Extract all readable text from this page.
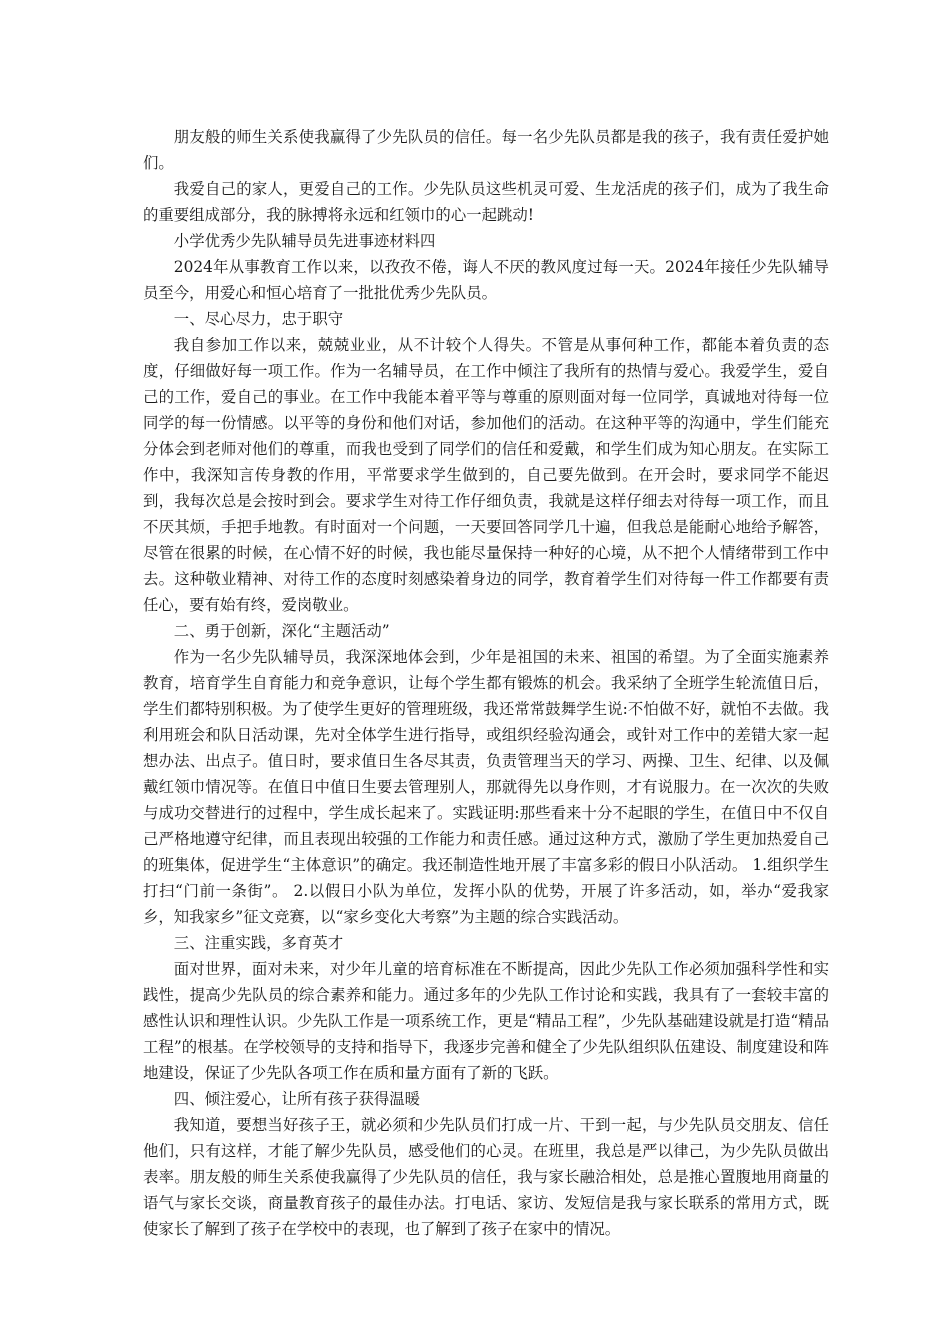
朋友般的师生关系使我赢得了少先队员的信任。每一名少先队员都是我的孩子，我有责任爱护她们。

我爱自己的家人，更爱自己的工作。少先队员这些机灵可爱、生龙活虎的孩子们，成为了我生命的重要组成部分，我的脉搏将永远和红领巾的心一起跳动!

小学优秀少先队辅导员先进事迹材料四

2024年从事教育工作以来，以孜孜不倦，诲人不厌的教风度过每一天。2024年接任少先队辅导员至今，用爱心和恒心培育了一批批优秀少先队员。

一、尽心尽力，忠于职守

我自参加工作以来，兢兢业业，从不计较个人得失。不管是从事何种工作，都能本着负责的态度，仔细做好每一项工作。作为一名辅导员，在工作中倾注了我所有的热情与爱心。我爱学生，爱自己的工作，爱自己的事业。在工作中我能本着平等与尊重的原则面对每一位同学，真诚地对待每一位同学的每一份情感。以平等的身份和他们对话，参加他们的活动。在这种平等的沟通中，学生们能充分体会到老师对他们的尊重，而我也受到了同学们的信任和爱戴，和学生们成为知心朋友。在实际工作中，我深知言传身教的作用，平常要求学生做到的，自己要先做到。在开会时，要求同学不能迟到，我每次总是会按时到会。要求学生对待工作仔细负责，我就是这样仔细去对待每一项工作，而且不厌其烦，手把手地教。有时面对一个问题，一天要回答同学几十遍，但我总是能耐心地给予解答，尽管在很累的时候，在心情不好的时候，我也能尽量保持一种好的心境，从不把个人情绪带到工作中去。这种敬业精神、对待工作的态度时刻感染着身边的同学，教育着学生们对待每一件工作都要有责任心，要有始有终，爱岗敬业。

二、勇于创新，深化“主题活动”

作为一名少先队辅导员，我深深地体会到，少年是祖国的未来、祖国的希望。为了全面实施素养教育，培育学生自育能力和竞争意识，让每个学生都有锻炼的机会。我采纳了全班学生轮流值日后，学生们都特别积极。为了使学生更好的管理班级，我还常常鼓舞学生说:不怕做不好，就怕不去做。我利用班会和队日活动课，先对全体学生进行指导，或组织经验沟通会，或针对工作中的差错大家一起想办法、出点子。值日时，要求值日生各尽其责，负责管理当天的学习、两操、卫生、纪律、以及佩戴红领巾情况等。在值日中值日生要去管理别人，那就得先以身作则，才有说服力。在一次次的失败与成功交替进行的过程中，学生成长起来了。实践证明:那些看来十分不起眼的学生，在值日中不仅自己严格地遵守纪律，而且表现出较强的工作能力和责任感。通过这种方式，激励了学生更加热爱自己的班集体，促进学生“主体意识”的确定。我还制造性地开展了丰富多彩的假日小队活动。 1.组织学生打扫“门前一条街”。 2.以假日小队为单位，发挥小队的优势，开展了许多活动，如，举办“爱我家乡，知我家乡”征文竞赛，以“家乡变化大考察”为主题的综合实践活动。

三、注重实践，多育英才

面对世界，面对未来，对少年儿童的培育标准在不断提高，因此少先队工作必须加强科学性和实践性，提高少先队员的综合素养和能力。通过多年的少先队工作讨论和实践，我具有了一套较丰富的感性认识和理性认识。少先队工作是一项系统工作，更是“精品工程”，少先队基础建设就是打造“精品工程”的根基。在学校领导的支持和指导下，我逐步完善和健全了少先队组织队伍建设、制度建设和阵地建设，保证了少先队各项工作在质和量方面有了新的飞跃。

四、倾注爱心，让所有孩子获得温暖

我知道，要想当好孩子王，就必须和少先队员们打成一片、干到一起，与少先队员交朋友、信任他们，只有这样，才能了解少先队员，感受他们的心灵。在班里，我总是严以律己，为少先队员做出表率。朋友般的师生关系使我赢得了少先队员的信任，我与家长融洽相处，总是推心置腹地用商量的语气与家长交谈，商量教育孩子的最佳办法。打电话、家访、发短信是我与家长联系的常用方式，既使家长了解到了孩子在学校中的表现，也了解到了孩子在家中的情况。
